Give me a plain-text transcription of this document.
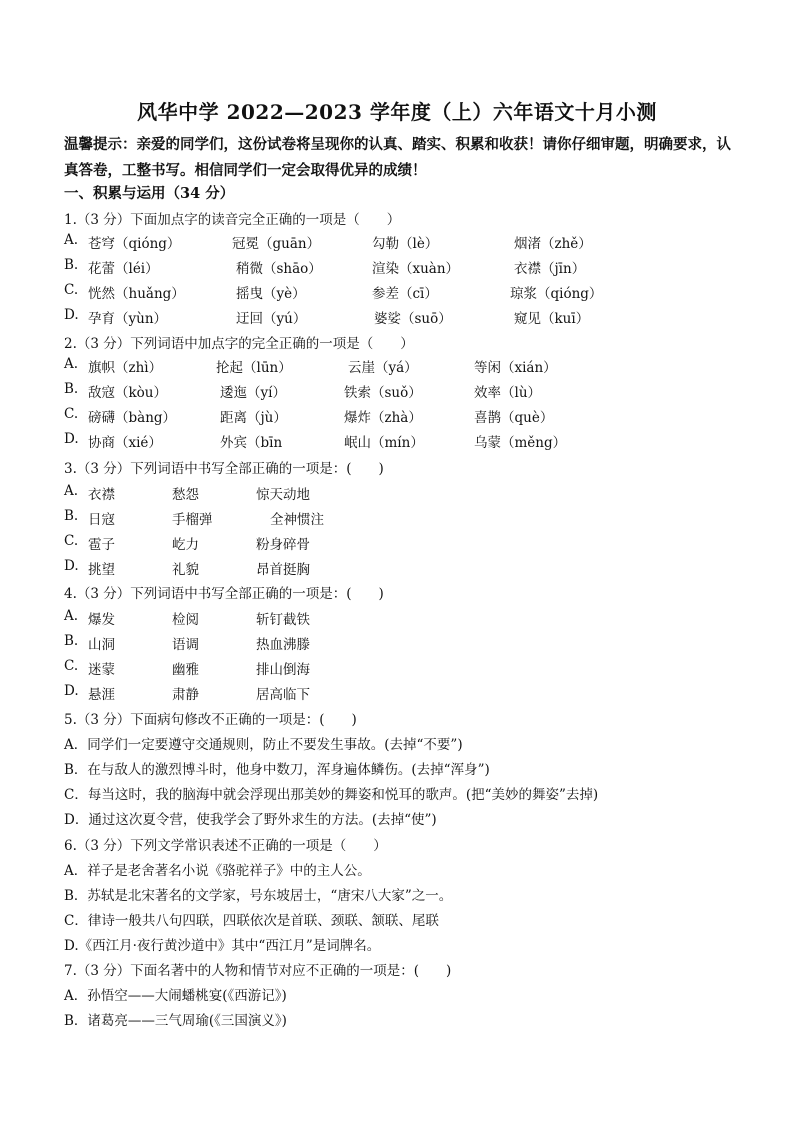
风华中学 2022—2023 学年度（上）六年语文十月小测
温馨提示：亲爱的同学们，这份试卷将呈现你的认真、踏实、积累和收获！请你仔细审题，明确要求，认真答卷，工整书写。相信同学们一定会取得优异的成绩！
一、积累与运用（34 分）
1.（3 分）下面加点字的读音完全正确的一项是（　　）
A. 苍穹（qióng）	冠冕（guān）	勾勒（lè）	烟渚（zhě）
B. 花蕾（léi）	稍微（shāo）	渲染（xuàn）	衣襟（jīn）
C. 恍然（huǎng）	摇曳（yè）	参差（cī）	琼浆（qióng）
D. 孕育（yùn）	迂回（yú）	婆娑（suō）	窥见（kuī）
2.（3 分）下列词语中加点字的完全正确的一项是（　　）
A. 旗帜（zhì）	抡起（lūn）	云崖（yá）	等闲（xián）
B. 敌寇（kòu）	逶迤（yí）	铁索（suǒ）	效率（lù）
C. 磅礴（bàng）	距离（jù）	爆炸（zhà）	喜鹊（què）
D. 协商（xié）	外宾（bīn	岷山（mín）	乌蒙（měng）
3.（3 分）下列词语中书写全部正确的一项是：(　　)
A. 衣襟	愁怨	惊天动地
B. 日寇	手榴弹	全神惯注
C. 雹子	屹力	粉身碎骨
D. 挑望	礼貌	昂首挺胸
4.（3 分）下列词语中书写全部正确的一项是：(　　)
A. 爆发	检阅	斩钉截铁
B. 山洞	语调	热血沸滕
C. 迷蒙	幽雅	排山倒海
D. 悬涯	肃静	居高临下
5.（3 分）下面病句修改不正确的一项是：(　　)
A．同学们一定要遵守交通规则，防止不要发生事故。(去掉“不要”)
B．在与敌人的激烈博斗时，他身中数刀，浑身遍体鳞伤。(去掉“浑身”)
C．每当这时，我的脑海中就会浮现出那美妙的舞姿和悦耳的歌声。(把“美妙的舞姿”去掉)
D．通过这次夏令营，使我学会了野外求生的方法。(去掉“使”)
6.（3 分）下列文学常识表述不正确的一项是（　　）
A．祥子是老舍著名小说《骆驼祥子》中的主人公。
B．苏轼是北宋著名的文学家，号东坡居士，“唐宋八大家”之一。
C．律诗一般共八句四联，四联依次是首联、颈联、颔联、尾联
D.《西江月·夜行黄沙道中》其中“西江月”是词牌名。
7.（3 分）下面名著中的人物和情节对应不正确的一项是：(　　)
A．孙悟空——大闹蟠桃宴(《西游记》)
B．诸葛亮——三气周瑜(《三国演义》)
